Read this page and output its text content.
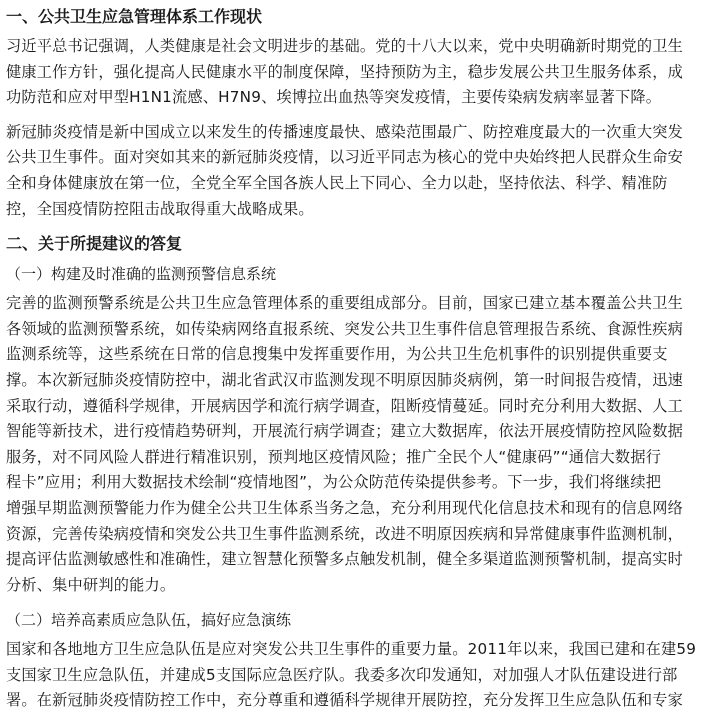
一、公共卫生应急管理体系工作现状
习近平总书记强调，人类健康是社会文明进步的基础。党的十八大以来，党中央明确新时期党的卫生
健康工作方针，强化提高人民健康水平的制度保障，坚持预防为主，稳步发展公共卫生服务体系，成
功防范和应对甲型H1N1流感、H7N9、埃博拉出血热等突发疫情，主要传染病发病率显著下降。
新冠肺炎疫情是新中国成立以来发生的传播速度最快、感染范围最广、防控难度最大的一次重大突发
公共卫生事件。面对突如其来的新冠肺炎疫情，以习近平同志为核心的党中央始终把人民群众生命安
全和身体健康放在第一位，全党全军全国各族人民上下同心、全力以赴，坚持依法、科学、精准防
控，全国疫情防控阻击战取得重大战略成果。
二、关于所提建议的答复
（一）构建及时准确的监测预警信息系统
完善的监测预警系统是公共卫生应急管理体系的重要组成部分。目前，国家已建立基本覆盖公共卫生
各领域的监测预警系统，如传染病网络直报系统、突发公共卫生事件信息管理报告系统、食源性疾病
监测系统等，这些系统在日常的信息搜集中发挥重要作用，为公共卫生危机事件的识别提供重要支
撑。本次新冠肺炎疫情防控中，湖北省武汉市监测发现不明原因肺炎病例，第一时间报告疫情，迅速
采取行动，遵循科学规律，开展病因学和流行病学调查，阻断疫情蔓延。同时充分利用大数据、人工
智能等新技术，进行疫情趋势研判，开展流行病学调查；建立大数据库，依法开展疫情防控风险数据
服务，对不同风险人群进行精准识别，预判地区疫情风险；推广全民个人“健康码”“通信大数据行
程卡”应用；利用大数据技术绘制“疫情地图”，为公众防范传染提供参考。下一步，我们将继续把
增强早期监测预警能力作为健全公共卫生体系当务之急，充分利用现代化信息技术和现有的信息网络
资源，完善传染病疫情和突发公共卫生事件监测系统，改进不明原因疾病和异常健康事件监测机制，
提高评估监测敏感性和准确性，建立智慧化预警多点触发机制，健全多渠道监测预警机制，提高实时
分析、集中研判的能力。
（二）培养高素质应急队伍，搞好应急演练
国家和各地地方卫生应急队伍是应对突发公共卫生事件的重要力量。2011年以来，我国已建和在建59
支国家卫生应急队伍，并建成5支国际应急医疗队。我委多次印发通知，对加强人才队伍建设进行部
署。在新冠肺炎疫情防控工作中，充分尊重和遵循科学规律开展防控，充分发挥卫生应急队伍和专家
